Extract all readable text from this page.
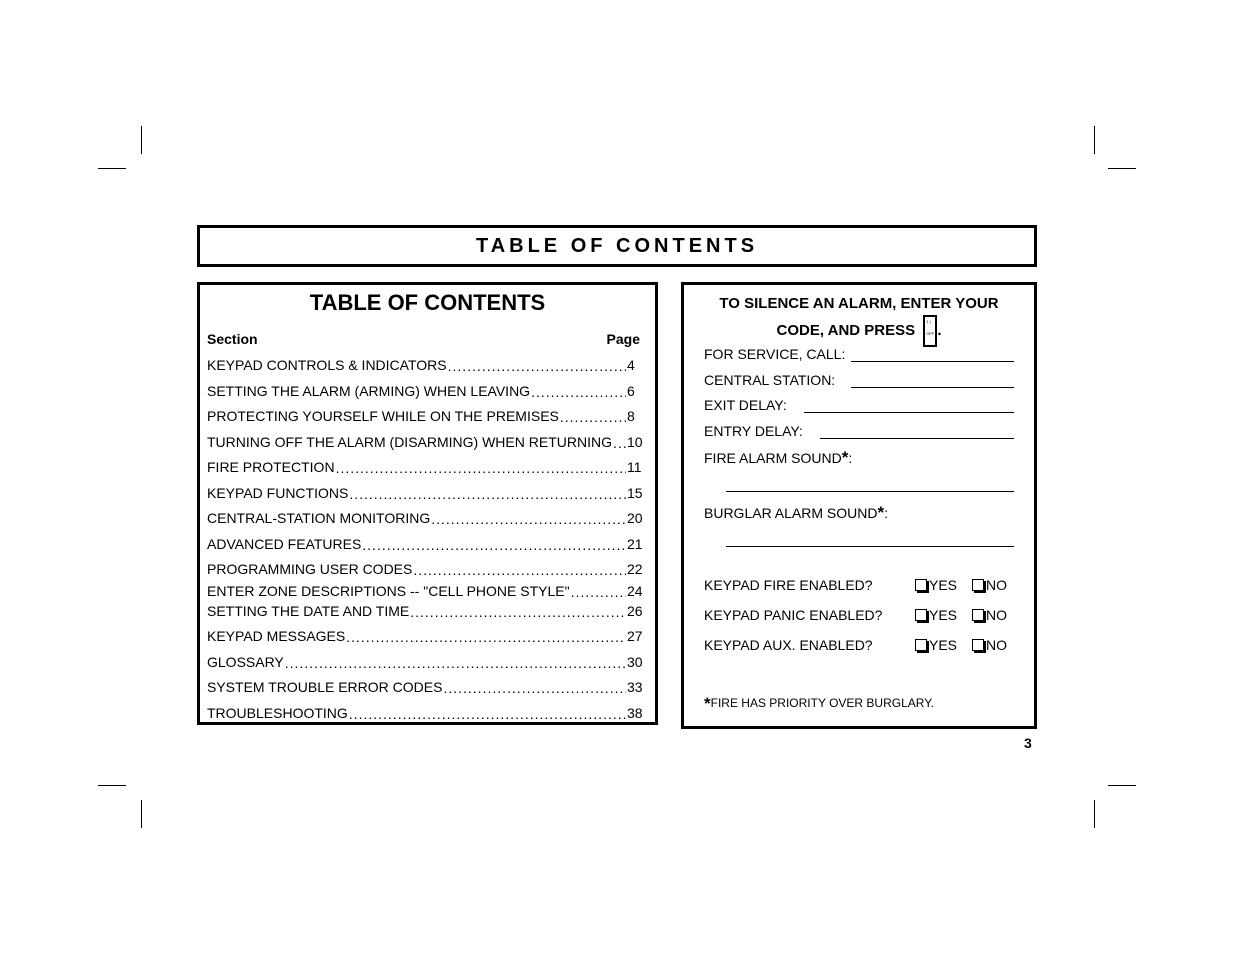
TABLE OF CONTENTS
TABLE OF CONTENTS
Section	Page
KEYPAD CONTROLS & INDICATORS .....	4
SETTING THE ALARM (ARMING) WHEN LEAVING .....	6
PROTECTING YOURSELF WHILE ON THE PREMISES .....	8
TURNING OFF THE ALARM (DISARMING) WHEN RETURNING ..... 10
FIRE PROTECTION .....	11
KEYPAD FUNCTIONS .....	15
CENTRAL-STATION MONITORING .....	20
ADVANCED FEATURES .....	21
PROGRAMMING USER CODES .....	22
ENTER ZONE DESCRIPTIONS -- "CELL PHONE STYLE" .....	24
SETTING THE DATE AND TIME .....	26
KEYPAD MESSAGES .....	27
GLOSSARY .....	30
SYSTEM TROUBLE ERROR CODES .....	33
TROUBLESHOOTING .....	38
TO SILENCE AN ALARM, ENTER YOUR
CODE, AND PRESS
1 |
OFF .
FOR SERVICE, CALL:
CENTRAL STATION:
EXIT DELAY:
ENTRY DELAY:
FIRE ALARM SOUND*:
BURGLAR ALARM SOUND*:
KEYPAD FIRE ENABLED?	YES	NO
KEYPAD PANIC ENABLED?	YES	NO
KEYPAD AUX. ENABLED?	YES	NO
*FIRE HAS PRIORITY OVER BURGLARY.
3
